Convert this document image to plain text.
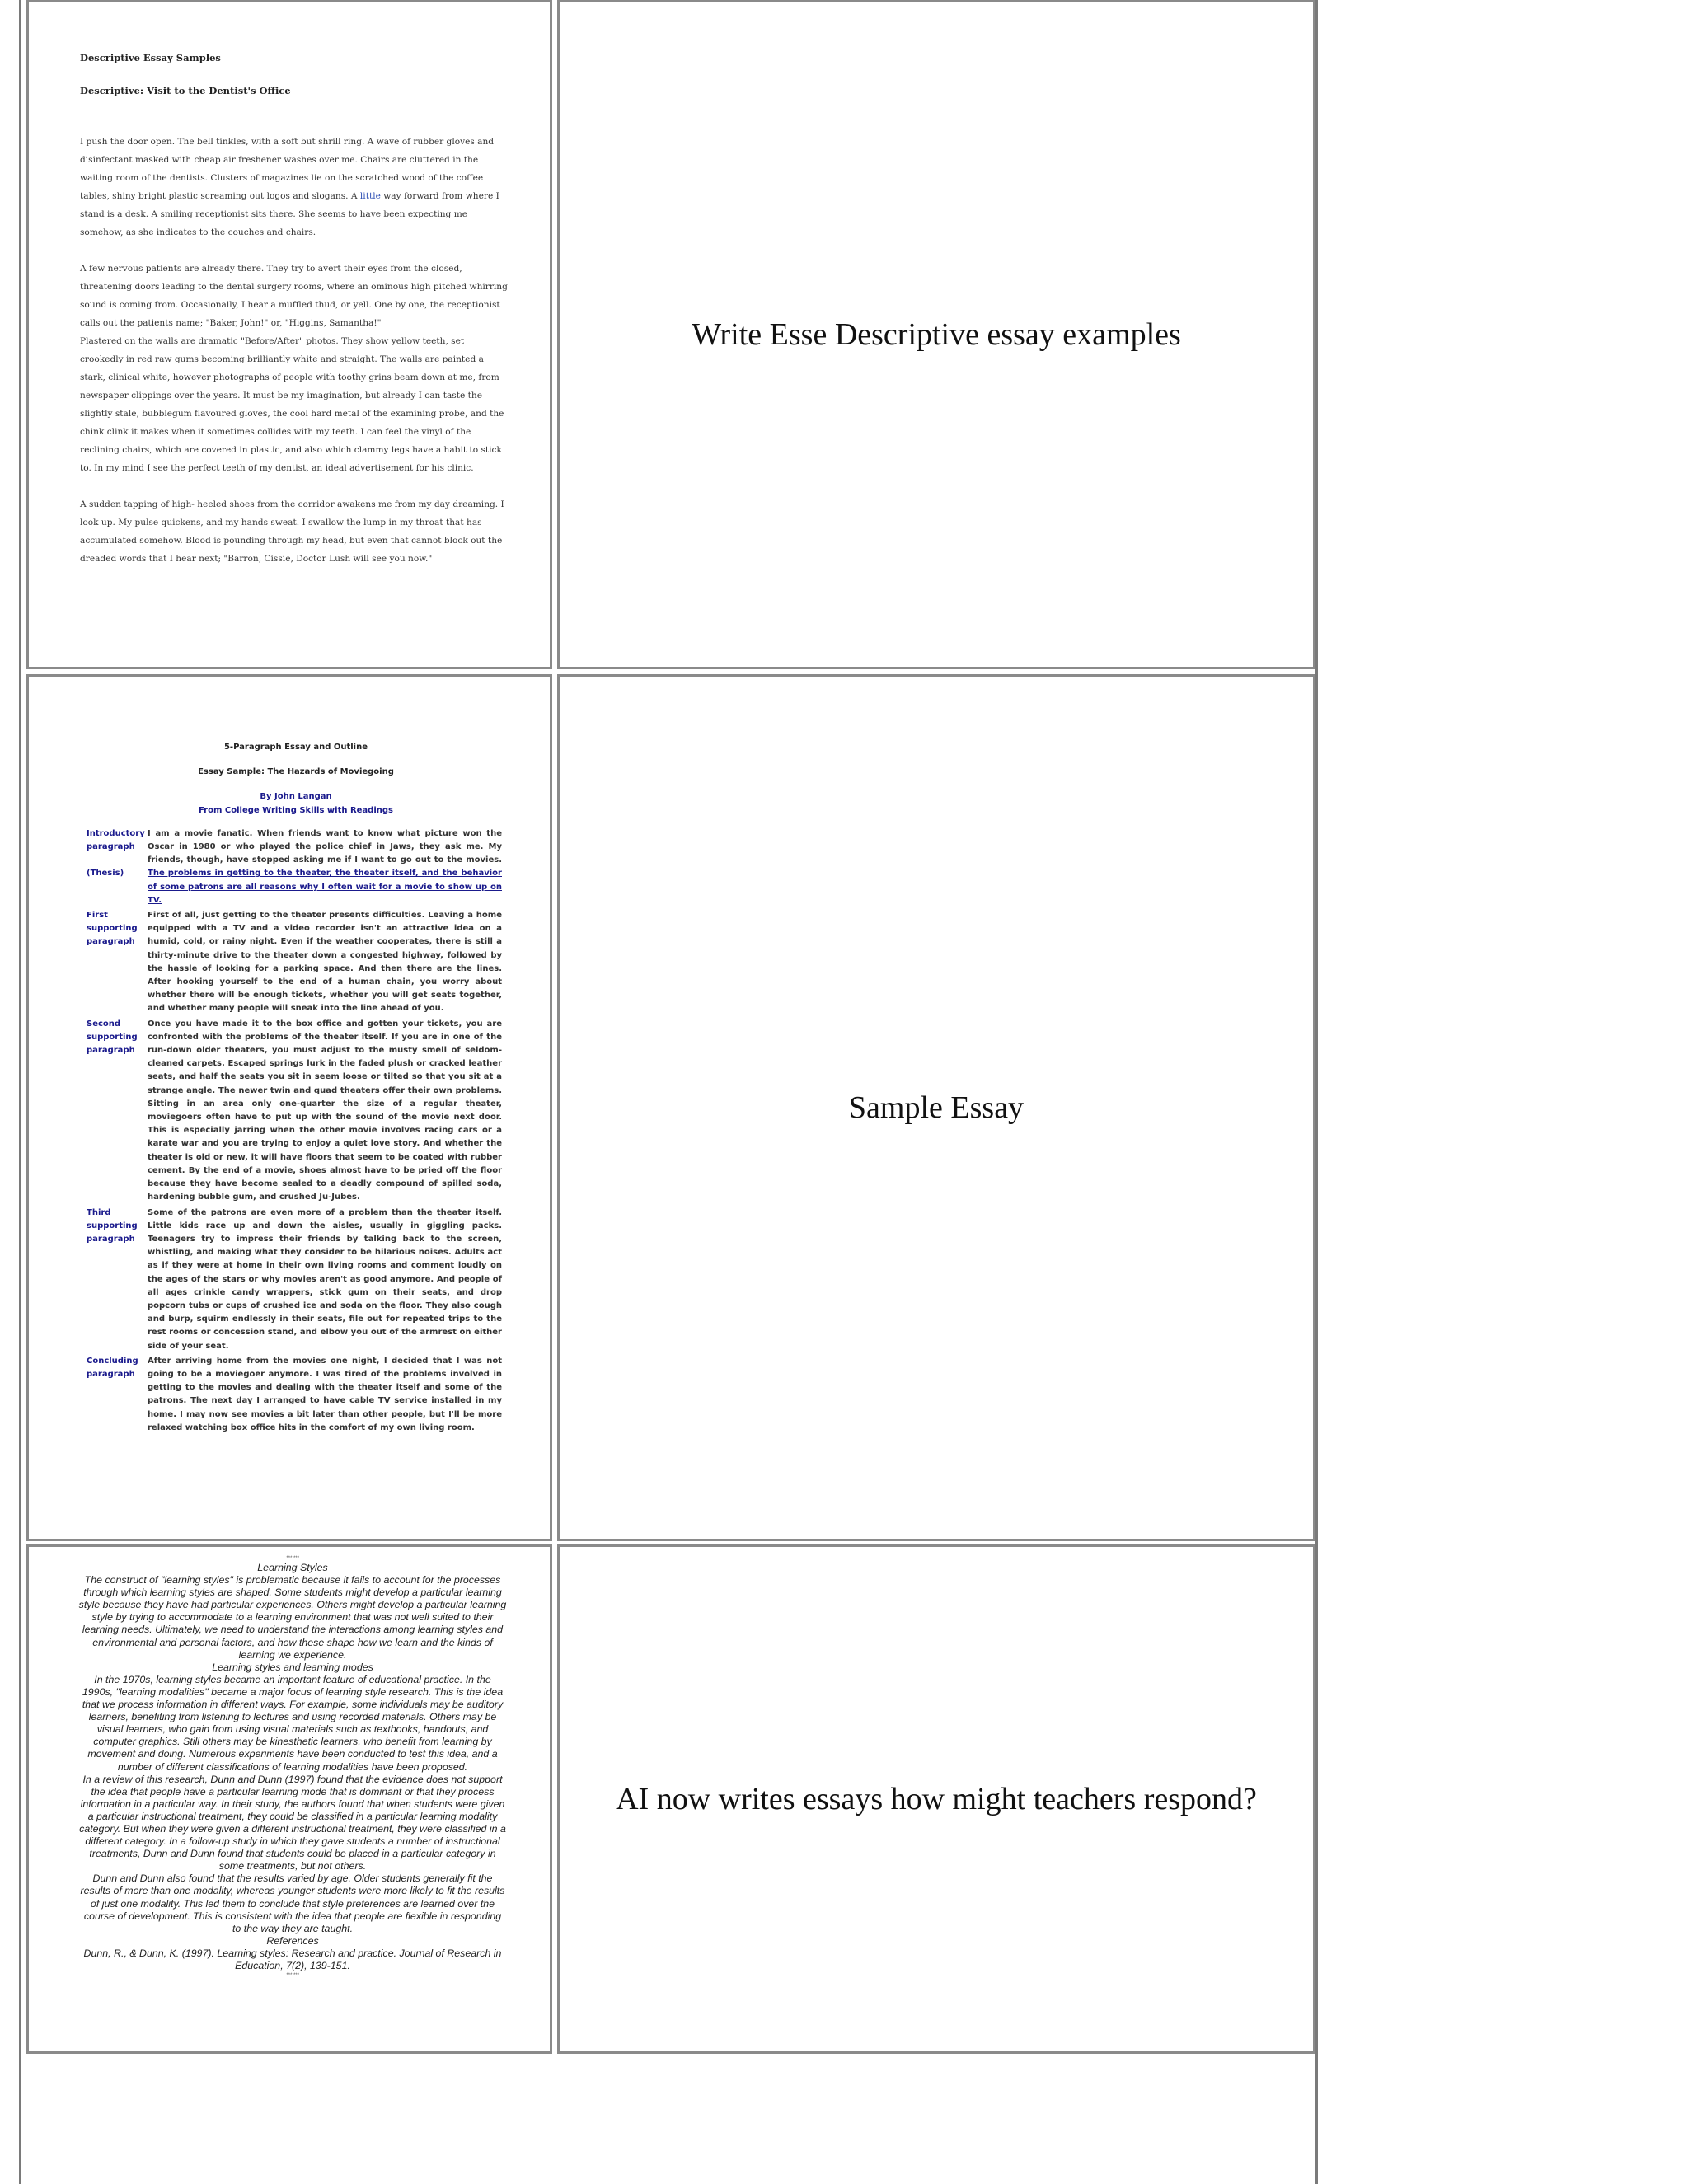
Descriptive Essay Samples

Descriptive: Visit to the Dentist's Office

I push the door open. The bell tinkles, with a soft but shrill ring. A wave of rubber gloves and disinfectant masked with cheap air freshener washes over me. Chairs are cluttered in the waiting room of the dentists. Clusters of magazines lie on the scratched wood of the coffee tables, shiny bright plastic screaming out logos and slogans. A little way forward from where I stand is a desk. A smiling receptionist sits there. She seems to have been expecting me somehow, as she indicates to the couches and chairs.

A few nervous patients are already there. They try to avert their eyes from the closed, threatening doors leading to the dental surgery rooms, where an ominous high pitched whirring sound is coming from. Occasionally, I hear a muffled thud, or yell. One by one, the receptionist calls out the patients name; "Baker, John!" or, "Higgins, Samantha!"
Plastered on the walls are dramatic "Before/After" photos. They show yellow teeth, set crookedly in red raw gums becoming brilliantly white and straight. The walls are painted a stark, clinical white, however photographs of people with toothy grins beam down at me, from newspaper clippings over the years. It must be my imagination, but already I can taste the slightly stale, bubblegum flavoured gloves, the cool hard metal of the examining probe, and the chink clink it makes when it sometimes collides with my teeth. I can feel the vinyl of the reclining chairs, which are covered in plastic, and also which clammy legs have a habit to stick to. In my mind I see the perfect teeth of my dentist, an ideal advertisement for his clinic.

A sudden tapping of high- heeled shoes from the corridor awakens me from my day dreaming. I look up. My pulse quickens, and my hands sweat. I swallow the lump in my throat that has accumulated somehow. Blood is pounding through my head, but even that cannot block out the dreaded words that I hear next; "Barron, Cissie, Doctor Lush will see you now."

Write Esse Descriptive essay examples
5-Paragraph Essay and Outline
Essay Sample: The Hazards of Moviegoing
By John Langan
From College Writing Skills with Readings
Introductory paragraph

(Thesis)
I am a movie fanatic. When friends want to know what picture won the Oscar in 1980 or who played the police chief in Jaws, they ask me. My friends, though, have stopped asking me if I want to go out to the movies. The problems in getting to the theater, the theater itself, and the behavior of some patrons are all reasons why I often wait for a movie to show up on TV.
First supporting paragraph
First of all, just getting to the theater presents difficulties. Leaving a home equipped with a TV and a video recorder isn't an attractive idea on a humid, cold, or rainy night. Even if the weather cooperates, there is still a thirty-minute drive to the theater down a congested highway, followed by the hassle of looking for a parking space. And then there are the lines. After hooking yourself to the end of a human chain, you worry about whether there will be enough tickets, whether you will get seats together, and whether many people will sneak into the line ahead of you.
Second supporting paragraph
Once you have made it to the box office and gotten your tickets, you are confronted with the problems of the theater itself. If you are in one of the run-down older theaters, you must adjust to the musty smell of seldom-cleaned carpets. Escaped springs lurk in the faded plush or cracked leather seats, and half the seats you sit in seem loose or tilted so that you sit at a strange angle. The newer twin and quad theaters offer their own problems. Sitting in an area only one-quarter the size of a regular theater, moviegoers often have to put up with the sound of the movie next door. This is especially jarring when the other movie involves racing cars or a karate war and you are trying to enjoy a quiet love story. And whether the theater is old or new, it will have floors that seem to be coated with rubber cement. By the end of a movie, shoes almost have to be pried off the floor because they have become sealed to a deadly compound of spilled soda, hardening bubble gum, and crushed Ju-Jubes.
Third supporting paragraph
Some of the patrons are even more of a problem than the theater itself. Little kids race up and down the aisles, usually in giggling packs. Teenagers try to impress their friends by talking back to the screen, whistling, and making what they consider to be hilarious noises. Adults act as if they were at home in their own living rooms and comment loudly on the ages of the stars or why movies aren't as good anymore. And people of all ages crinkle candy wrappers, stick gum on their seats, and drop popcorn tubs or cups of crushed ice and soda on the floor. They also cough and burp, squirm endlessly in their seats, file out for repeated trips to the rest rooms or concession stand, and elbow you out of the armrest on either side of your seat.
Concluding paragraph
After arriving home from the movies one night, I decided that I was not going to be a moviegoer anymore. I was tired of the problems involved in getting to the movies and dealing with the theater itself and some of the patrons. The next day I arranged to have cable TV service installed in my home. I may now see movies a bit later than other people, but I'll be more relaxed watching box office hits in the comfort of my own living room.
Sample Essay
*** ***
Learning Styles
The construct of "learning styles" is problematic because it fails to account for the processes through which learning styles are shaped. Some students might develop a particular learning style because they have had particular experiences. Others might develop a particular learning style by trying to accommodate to a learning environment that was not well suited to their learning needs. Ultimately, we need to understand the interactions among learning styles and environmental and personal factors, and how these shape how we learn and the kinds of learning we experience.
Learning styles and learning modes
In the 1970s, learning styles became an important feature of educational practice. In the 1990s, "learning modalities" became a major focus of learning style research. This is the idea that we process information in different ways. For example, some individuals may be auditory learners, benefiting from listening to lectures and using recorded materials. Others may be visual learners, who gain from using visual materials such as textbooks, handouts, and computer graphics. Still others may be kinesthetic learners, who benefit from learning by movement and doing. Numerous experiments have been conducted to test this idea, and a number of different classifications of learning modalities have been proposed.
In a review of this research, Dunn and Dunn (1997) found that the evidence does not support the idea that people have a particular learning mode that is dominant or that they process information in a particular way. In their study, the authors found that when students were given a particular instructional treatment, they could be classified in a particular learning modality category. But when they were given a different instructional treatment, they were classified in a different category. In a follow-up study in which they gave students a number of instructional treatments, Dunn and Dunn found that students could be placed in a particular category in some treatments, but not others.
Dunn and Dunn also found that the results varied by age. Older students generally fit the results of more than one modality, whereas younger students were more likely to fit the results of just one modality. This led them to conclude that style preferences are learned over the course of development. This is consistent with the idea that people are flexible in responding to the way they are taught.
References
Dunn, R., & Dunn, K. (1997). Learning styles: Research and practice. Journal of Research in Education, 7(2), 139-151.
*** ***
AI now writes essays how might teachers respond?
